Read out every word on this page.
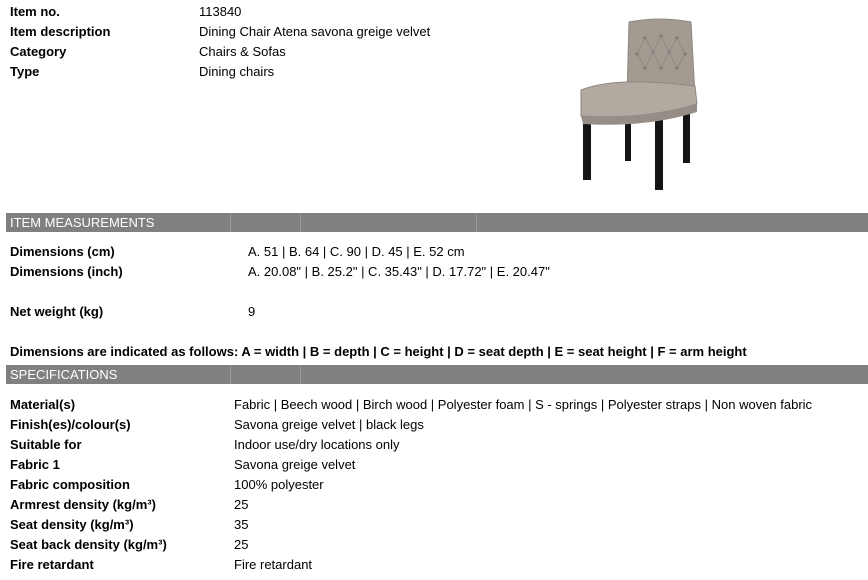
Item no.	113840
Item description	Dining Chair Atena savona greige velvet
Category	Chairs & Sofas
Type	Dining chairs
ITEM MEASUREMENTS
Dimensions (cm)	A. 51 | B. 64 | C. 90 | D. 45 | E. 52 cm
Dimensions (inch)	A. 20.08" | B. 25.2" | C. 35.43" | D. 17.72" | E. 20.47"
Net weight (kg)	9
Dimensions are indicated as follows: A = width | B = depth | C = height | D = seat depth | E = seat height | F = arm height
SPECIFICATIONS
Material(s)	Fabric | Beech wood | Birch wood | Polyester foam | S - springs | Polyester straps | Non woven fabric
Finish(es)/colour(s)	Savona greige velvet | black legs
Suitable for	Indoor use/dry locations only
Fabric 1	Savona greige velvet
Fabric composition	100% polyester
Armrest density (kg/m³)	25
Seat density (kg/m³)	35
Seat back density (kg/m³)	25
Fire retardant	Fire retardant
